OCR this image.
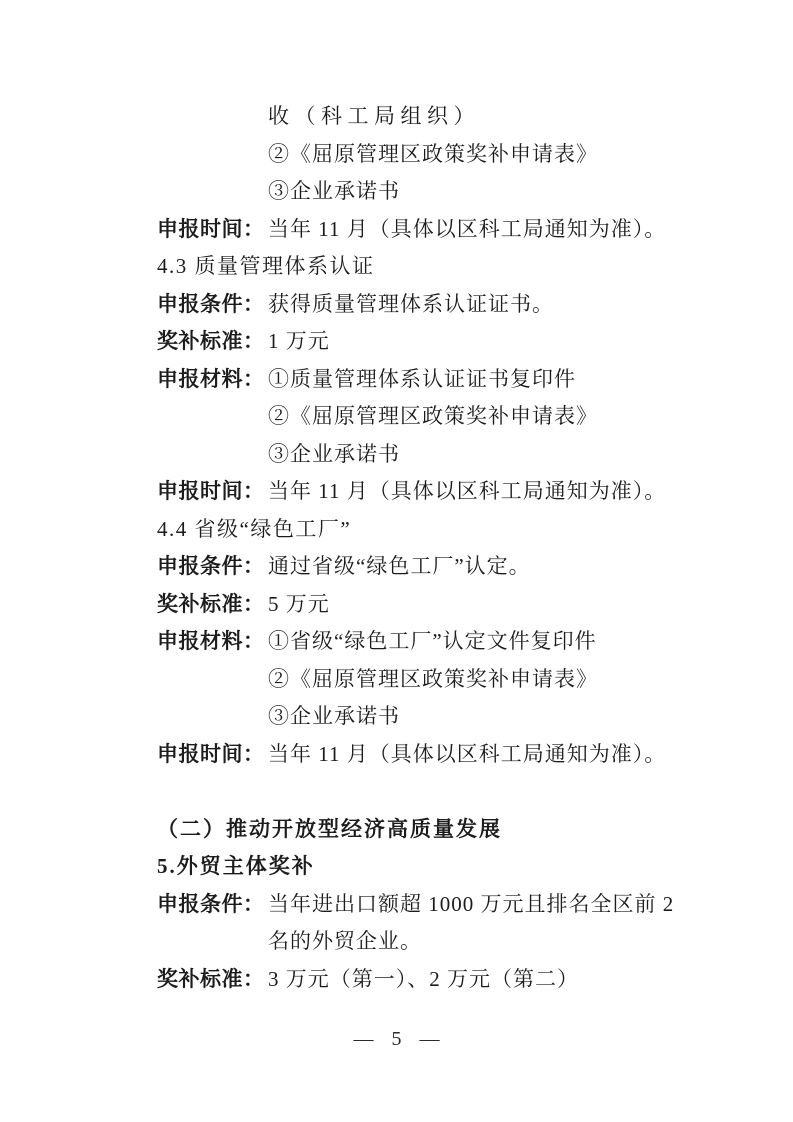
收（科工局组织）
②《屈原管理区政策奖补申请表》
③企业承诺书
申报时间： 当年 11 月（具体以区科工局通知为准）。
4.3 质量管理体系认证
申报条件： 获得质量管理体系认证证书。
奖补标准： 1 万元
申报材料： ①质量管理体系认证证书复印件
②《屈原管理区政策奖补申请表》
③企业承诺书
申报时间： 当年 11 月（具体以区科工局通知为准）。
4.4 省级“绿色工厂”
申报条件： 通过省级“绿色工厂”认定。
奖补标准： 5 万元
申报材料： ①省级“绿色工厂”认定文件复印件
②《屈原管理区政策奖补申请表》
③企业承诺书
申报时间： 当年 11 月（具体以区科工局通知为准）。
（二）推动开放型经济高质量发展
5.外贸主体奖补
申报条件： 当年进出口额超 1000 万元且排名全区前 2
名的外贸企业。
奖补标准： 3 万元（第一）、2 万元（第二）
— 5 —
